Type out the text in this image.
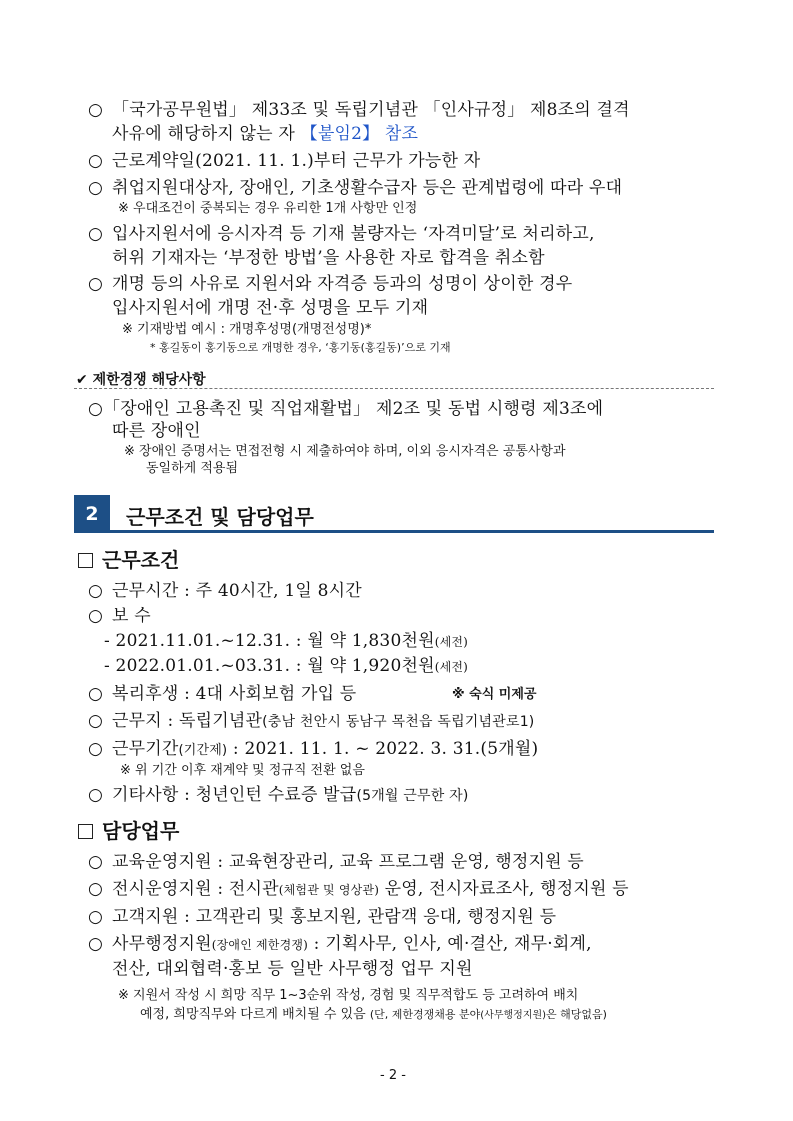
○ 「국가공무원법」 제33조 및 독립기념관 「인사규정」 제8조의 결격
사유에 해당하지 않는 자 【붙임2】 참조
○ 근로계약일(2021. 11. 1.)부터 근무가 가능한 자
○ 취업지원대상자, 장애인, 기초생활수급자 등은 관계법령에 따라 우대
※ 우대조건이 중복되는 경우 유리한 1개 사항만 인정
○ 입사지원서에 응시자격 등 기재 불량자는 ‘자격미달’로 처리하고,
허위 기재자는 ‘부정한 방법’을 사용한 자로 합격을 취소함
○ 개명 등의 사유로 지원서와 자격증 등과의 성명이 상이한 경우
입사지원서에 개명 전·후 성명을 모두 기재
※ 기재방법 예시 : 개명후성명(개명전성명)*
* 홍길동이 홍기동으로 개명한 경우, ‘홍기동(홍길동)’으로 기재
✔ 제한경쟁 해당사항
○「장애인 고용촉진 및 직업재활법」 제2조 및 동법 시행령 제3조에
따른 장애인
※ 장애인 증명서는 면접전형 시 제출하여야 하며, 이외 응시자격은 공통사항과
동일하게 적용됨
2	근무조건 및 담당업무
근무조건
○ 근무시간 : 주 40시간, 1일 8시간
○ 보 수
- 2021.11.01.~12.31. : 월 약 1,830천원(세전)
- 2022.01.01.~03.31. : 월 약 1,920천원(세전)
○ 복리후생 : 4대 사회보험 가입 등	※ 숙식 미제공
○ 근무지 : 독립기념관(충남 천안시 동남구 목천읍 독립기념관로1)
○ 근무기간(기간제) : 2021. 11. 1. ~ 2022. 3. 31.(5개월)
※ 위 기간 이후 재계약 및 정규직 전환 없음
○ 기타사항 : 청년인턴 수료증 발급(5개월 근무한 자)
담당업무
○ 교육운영지원 : 교육현장관리, 교육 프로그램 운영, 행정지원 등
○ 전시운영지원 : 전시관(체험관 및 영상관) 운영, 전시자료조사, 행정지원 등
○ 고객지원 : 고객관리 및 홍보지원, 관람객 응대, 행정지원 등
○ 사무행정지원(장애인 제한경쟁) : 기획사무, 인사, 예·결산, 재무·회계,
전산, 대외협력·홍보 등 일반 사무행정 업무 지원
※ 지원서 작성 시 희망 직무 1~3순위 작성, 경험 및 직무적합도 등 고려하여 배치
예정, 희망직무와 다르게 배치될 수 있음 (단, 제한경쟁채용 분야(사무행정지원)은 해당없음)
- 2 -
